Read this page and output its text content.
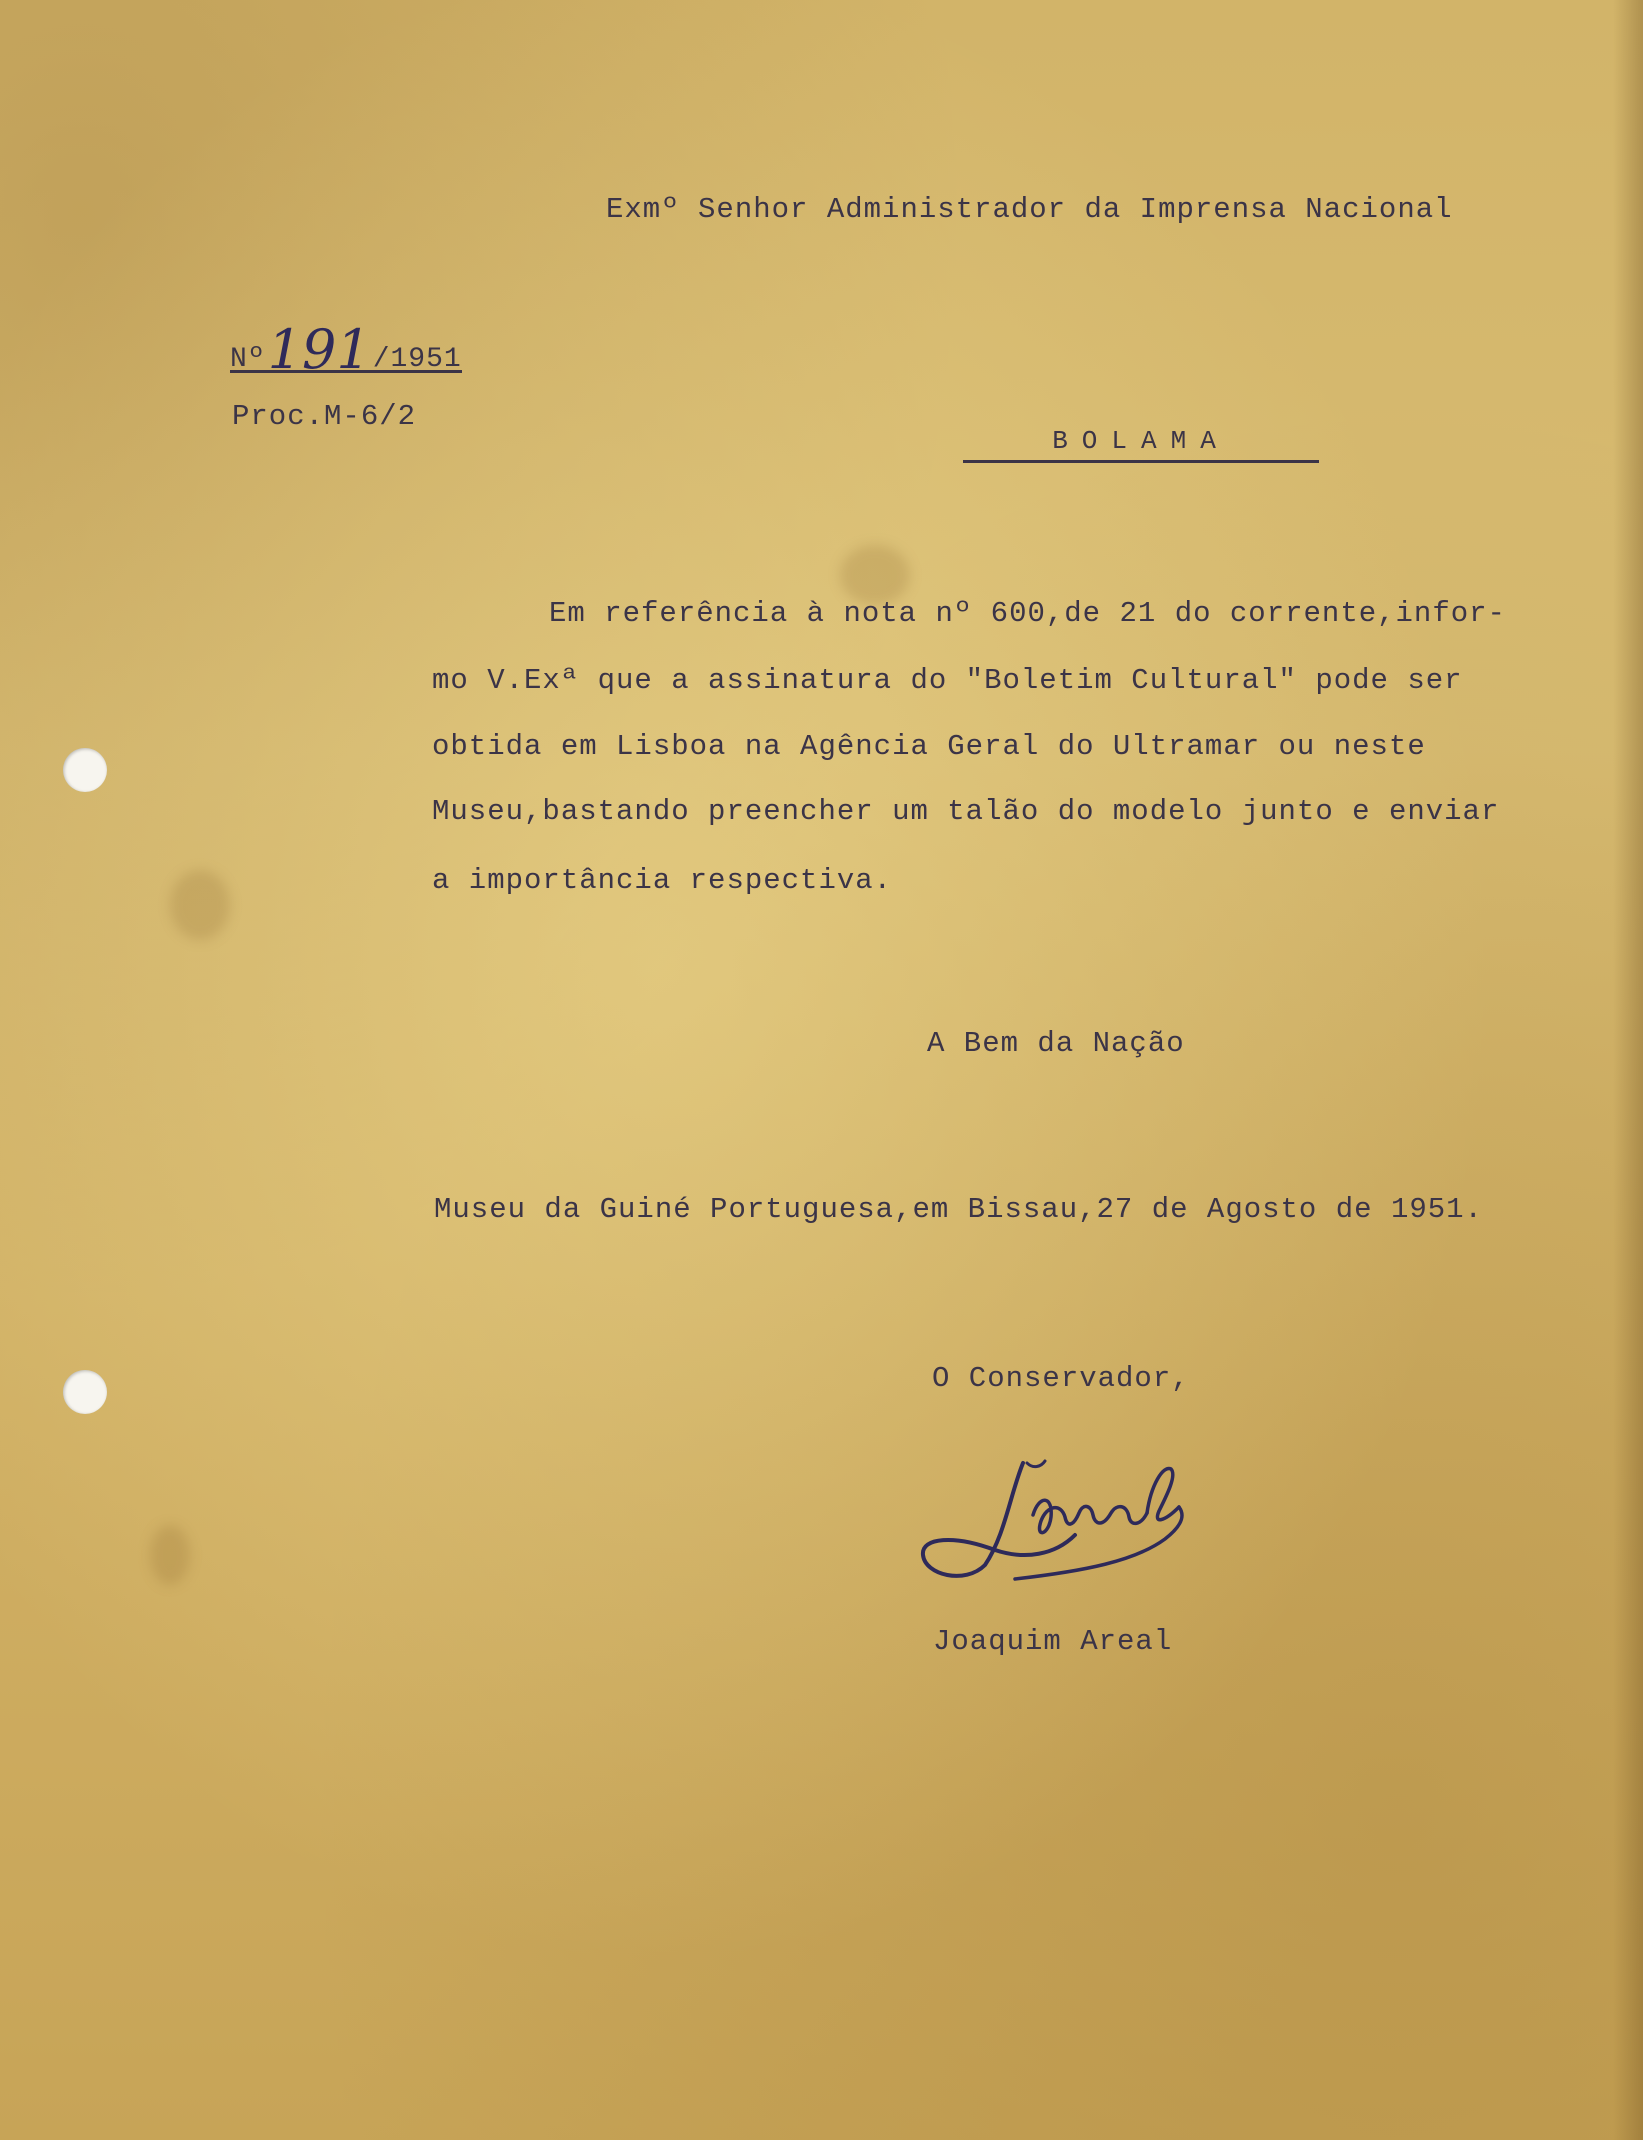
Exmº Senhor Administrador da Imprensa Nacional
Nº191/1951
Proc.M-6/2
BOLAMA
Em referência à nota nº 600,de 21 do corrente,infor-
mo V.Exª que a assinatura do "Boletim Cultural" pode ser
obtida em Lisboa na Agência Geral do Ultramar ou neste
Museu,bastando preencher um talão do modelo junto e enviar
a importância respectiva.
A Bem da Nação
Museu da Guiné Portuguesa,em Bissau,27 de Agosto de 1951.
O Conservador,
Joaquim Areal
